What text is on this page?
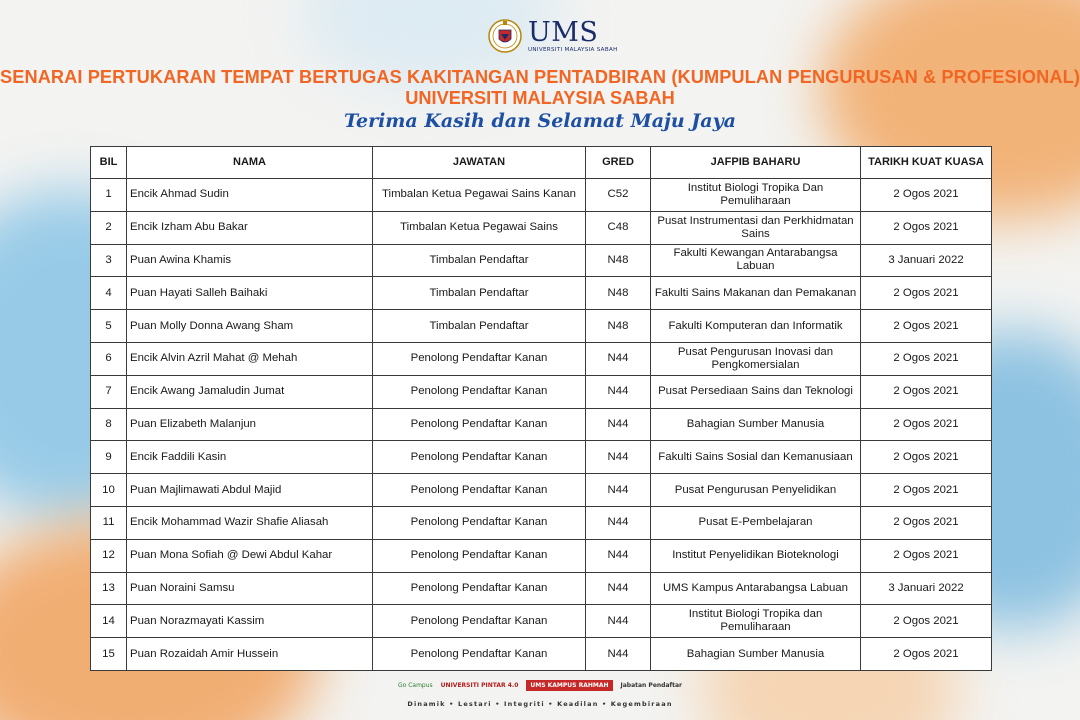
UMS
UNIVERSITI MALAYSIA SABAH
SENARAI PERTUKARAN TEMPAT BERTUGAS KAKITANGAN PENTADBIRAN (KUMPULAN PENGURUSAN & PROFESIONAL)
UNIVERSITI MALAYSIA SABAH
Terima Kasih dan Selamat Maju Jaya
BIL	NAMA	JAWATAN	GRED	JAFPIB BAHARU	TARIKH KUAT KUASA
1	Encik Ahmad Sudin	Timbalan Ketua Pegawai Sains Kanan	C52	Institut Biologi Tropika Dan Pemuliharaan	2 Ogos 2021
2	Encik Izham Abu Bakar	Timbalan Ketua Pegawai Sains	C48	Pusat Instrumentasi dan Perkhidmatan Sains	2 Ogos 2021
3	Puan Awina Khamis	Timbalan Pendaftar	N48	Fakulti Kewangan Antarabangsa Labuan	3 Januari 2022
4	Puan Hayati Salleh Baihaki	Timbalan Pendaftar	N48	Fakulti Sains Makanan dan Pemakanan	2 Ogos 2021
5	Puan Molly Donna Awang Sham	Timbalan Pendaftar	N48	Fakulti Komputeran dan Informatik	2 Ogos 2021
6	Encik Alvin Azril Mahat @ Mehah	Penolong Pendaftar Kanan	N44	Pusat Pengurusan Inovasi dan Pengkomersialan	2 Ogos 2021
7	Encik Awang Jamaludin Jumat	Penolong Pendaftar Kanan	N44	Pusat Persediaan Sains dan Teknologi	2 Ogos 2021
8	Puan Elizabeth Malanjun	Penolong Pendaftar Kanan	N44	Bahagian Sumber Manusia	2 Ogos 2021
9	Encik Faddili Kasin	Penolong Pendaftar Kanan	N44	Fakulti Sains Sosial dan Kemanusiaan	2 Ogos 2021
10	Puan Majlimawati Abdul Majid	Penolong Pendaftar Kanan	N44	Pusat Pengurusan Penyelidikan	2 Ogos 2021
11	Encik Mohammad Wazir Shafie Aliasah	Penolong Pendaftar Kanan	N44	Pusat E-Pembelajaran	2 Ogos 2021
12	Puan Mona Sofiah @ Dewi Abdul Kahar	Penolong Pendaftar Kanan	N44	Institut Penyelidikan Bioteknologi	2 Ogos 2021
13	Puan Noraini Samsu	Penolong Pendaftar Kanan	N44	UMS Kampus Antarabangsa Labuan	3 Januari 2022
14	Puan Norazmayati Kassim	Penolong Pendaftar Kanan	N44	Institut Biologi Tropika dan Pemuliharaan	2 Ogos 2021
15	Puan Rozaidah Amir Hussein	Penolong Pendaftar Kanan	N44	Bahagian Sumber Manusia	2 Ogos 2021
Go Campus UNIVERSITI PINTAR 4.0	UMS KAMPUS RAHMAH	Jabatan Pendaftar
Dinamik • Lestari • Integriti • Keadilan • Kegembiraan
